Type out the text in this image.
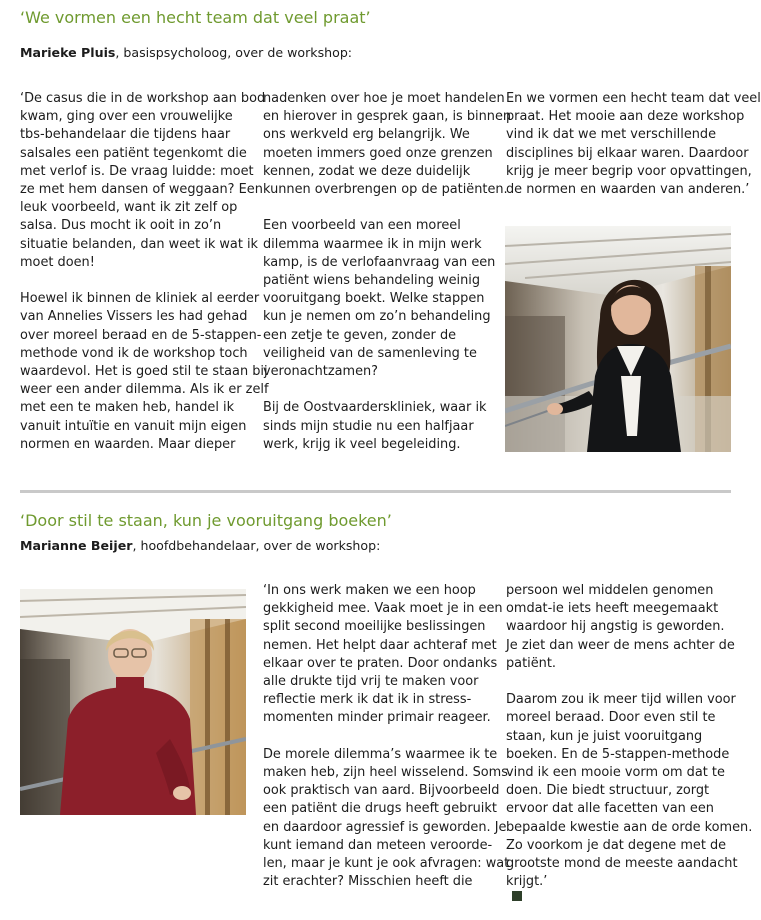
‘We vormen een hecht team dat veel praat’
Marieke Pluis, basispsycholoog, over de workshop:

‘De casus die in de workshop aan bod
kwam, ging over een vrouwelijke
tbs-behandelaar die tijdens haar
salsales een patiënt tegenkomt die
met verlof is. De vraag luidde: moet
ze met hem dansen of weggaan? Een
leuk voorbeeld, want ik zit zelf op
salsa. Dus mocht ik ooit in zo’n
situatie belanden, dan weet ik wat ik
moet doen!

Hoewel ik binnen de kliniek al eerder
van Annelies Vissers les had gehad
over moreel beraad en de 5-stappen-
methode vond ik de workshop toch
waardevol. Het is goed stil te staan bij
weer een ander dilemma. Als ik er zelf
met een te maken heb, handel ik
vanuit intuïtie en vanuit mijn eigen
normen en waarden. Maar dieper

nadenken over hoe je moet handelen
en hierover in gesprek gaan, is binnen
ons werkveld erg belangrijk. We
moeten immers goed onze grenzen
kennen, zodat we deze duidelijk
kunnen overbrengen op de patiënten.

Een voorbeeld van een moreel
dilemma waarmee ik in mijn werk
kamp, is de verlofaanvraag van een
patiënt wiens behandeling weinig
vooruitgang boekt. Welke stappen
kun je nemen om zo’n behandeling
een zetje te geven, zonder de
veiligheid van de samenleving te
veronachtzamen?

Bij de Oostvaarderskliniek, waar ik
sinds mijn studie nu een halfjaar
werk, krijg ik veel begeleiding.

En we vormen een hecht team dat veel
praat. Het mooie aan deze workshop
vind ik dat we met verschillende
disciplines bij elkaar waren. Daardoor
krijg je meer begrip voor opvattingen,
de normen en waarden van anderen.’

‘Door stil te staan, kun je vooruitgang boeken’
Marianne Beijer, hoofdbehandelaar, over de workshop:

‘In ons werk maken we een hoop
gekkigheid mee. Vaak moet je in een
split second moeilijke beslissingen
nemen. Het helpt daar achteraf met
elkaar over te praten. Door ondanks
alle drukte tijd vrij te maken voor
reflectie merk ik dat ik in stress-
momenten minder primair reageer.

De morele dilemma’s waarmee ik te
maken heb, zijn heel wisselend. Soms
ook praktisch van aard. Bijvoorbeeld
een patiënt die drugs heeft gebruikt
en daardoor agressief is geworden. Je
kunt iemand dan meteen veroorde-
len, maar je kunt je ook afvragen: wat
zit erachter? Misschien heeft die

persoon wel middelen genomen
omdat-ie iets heeft meegemaakt
waardoor hij angstig is geworden.
Je ziet dan weer de mens achter de
patiënt.

Daarom zou ik meer tijd willen voor
moreel beraad. Door even stil te
staan, kun je juist vooruitgang
boeken. En de 5-stappen-methode
vind ik een mooie vorm om dat te
doen. Die biedt structuur, zorgt
ervoor dat alle facetten van een
bepaalde kwestie aan de orde komen.
Zo voorkom je dat degene met de
grootste mond de meeste aandacht
krijgt.’
